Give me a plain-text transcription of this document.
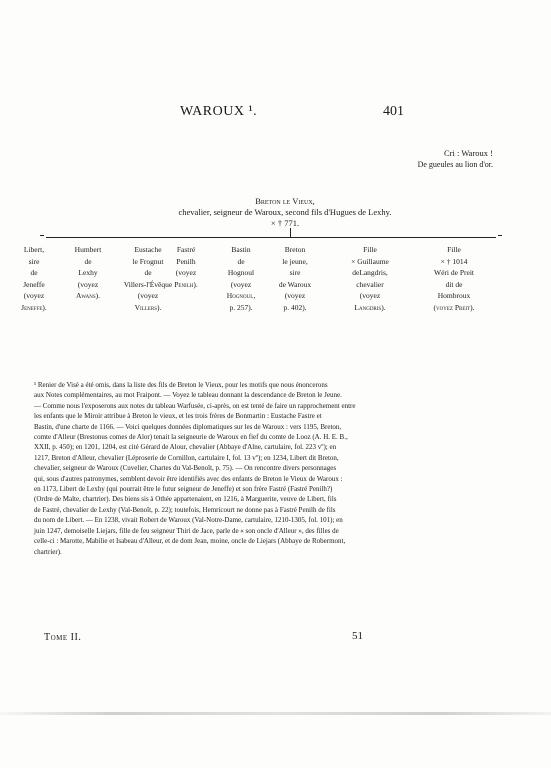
WAROUX ¹.	401
Cri : Waroux !
De gueules au lion d'or.
Breton le Vieux,
chevalier, seigneur de Waroux, second fils d'Hugues de Lexhy.
× † 771.
Libert,
sire
de
Jeneffe
(voyez
Jeneffe).
Humbert
de
Lexhy
(voyez
Awans).
Eustache
le Frognut
de
Villers-l'Évêque
(voyez
Villers).
Fastré
Penilh
(voyez
Penilh).
Bastin
de
Hognoul
(voyez
Hognoul,
p. 257).
Breton
le jeune,
sire
de Waroux
(voyez
p. 402).
Fille
× Guillaume
deLangdris,
chevalier
(voyez
Langdris).
Fille
× † 1014
Wéri de Preit
dit de
Hombroux
(voyez Preit).
¹ Renier de Visé a été omis, dans la liste des fils de Breton le Vieux, pour les motifs que nous énoncerons
aux Notes complémentaires, au mot Fraipont. — Voyez le tableau donnant la descendance de Breton le Jeune.
— Comme nous l'exposerons aux notes du tableau Warfusée, ci-après, on est tenté de faire un rapprochement entre
les enfants que le Miroir attribue à Breton le vieux, et les trois frères de Bonmartin : Eustache Fastre et
Bastin, d'une charte de 1166. — Voici quelques données diplomatiques sur les de Waroux : vers 1195, Breton,
comte d'Alleur (Brestonus comes de Alor) tenait la seigneurie de Waroux en fief du comte de Looz (A. H. E. B.,
XXII, p. 450); en 1201, 1204, est cité Gérard de Alour, chevalier (Abbaye d'Alne, cartulaire, fol. 223 vº); en
1217, Breton d'Alleur, chevalier (Léproserie de Cornillon, cartulaire I, fol. 13 vº); en 1234, Libert dit Breton,
chevalier, seigneur de Waroux (Cuvelier, Chartes du Val-Benoît, p. 75). — On rencontre divers personnages
qui, sous d'autres patronymes, semblent devoir être identifiés avec des enfants de Breton le Vieux de Waroux :
en 1173, Libert de Lexhy (qui pourrait être le futur seigneur de Jeneffe) et son frère Fastré (Fastré Penilh?)
(Ordre de Malte, chartrier). Des biens sis à Othée appartenaient, en 1216, à Marguerite, veuve de Libert, fils
de Fastré, chevalier de Lexhy (Val-Benoît, p. 22); toutefois, Hemricourt ne donne pas à Fastré Penilh de fils
du nom de Libert. — En 1238, vivait Robert de Waroux (Val-Notre-Dame, cartulaire, 1210-1305, fol. 101); en
juin 1247, demoiselle Liejars, fille de feu seigneur Thiri de Jace, parle de « son oncle d'Alleur », des filles de
celle-ci : Marotte, Mabilie et Isabeau d'Alleur, et de dom Jean, moine, oncle de Liejars (Abbaye de Robermont,
chartrier).
Tome II.	51
